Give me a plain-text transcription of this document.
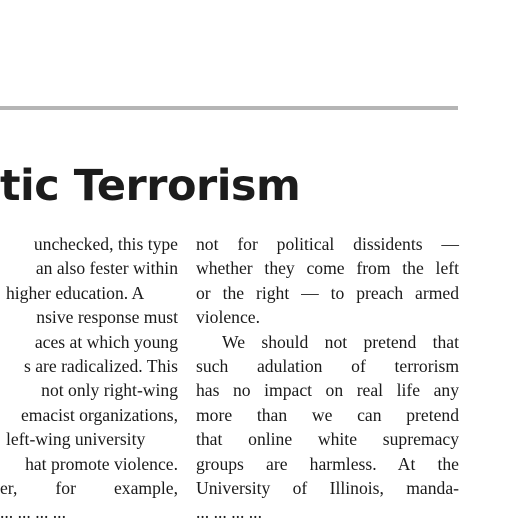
tic Terrorism
unchecked, this type
an also fester within
higher education. A
nsive response must
aces at which young
s are radicalized. This
not only right-wing
emacist organizations,
left-wing university
hat promote violence.
er, for example,
... ... ... ...
not for political dissidents —
whether they come from the left
or the right — to preach armed
violence.
We should not pretend that
such adulation of terrorism
has no impact on real life any
more than we can pretend
that online white supremacy
groups are harmless. At the
University of Illinois, manda-
... ... ... ...
